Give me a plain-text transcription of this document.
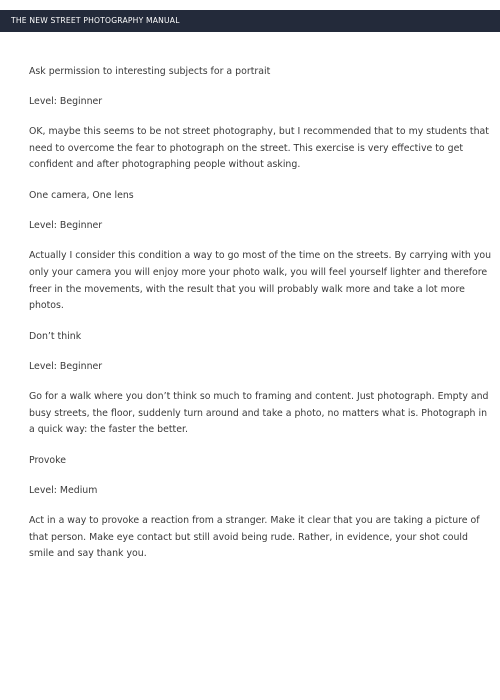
THE NEW STREET PHOTOGRAPHY MANUAL

Ask permission to interesting subjects for a portrait

Level: Beginner

OK, maybe this seems to be not street photography, but I recommended that to my students that need to overcome the fear to photograph on the street. This exercise is very effective to get confident and after photographing people without asking.

One camera, One lens

Level: Beginner

Actually I consider this condition a way to go most of the time on the streets. By carrying with you only your camera you will enjoy more your photo walk, you will feel yourself lighter and therefore freer in the movements, with the result that you will probably walk more and take a lot more photos.

Don’t think

Level: Beginner

Go for a walk where you don’t think so much to framing and content. Just photograph. Empty and busy streets, the floor, suddenly turn around and take a photo, no matters what is. Photograph in a quick way: the faster the better.

Provoke

Level: Medium

Act in a way to provoke a reaction from a stranger. Make it clear that you are taking a picture of that person. Make eye contact but still avoid being rude. Rather, in evidence, your shot could smile and say thank you.
